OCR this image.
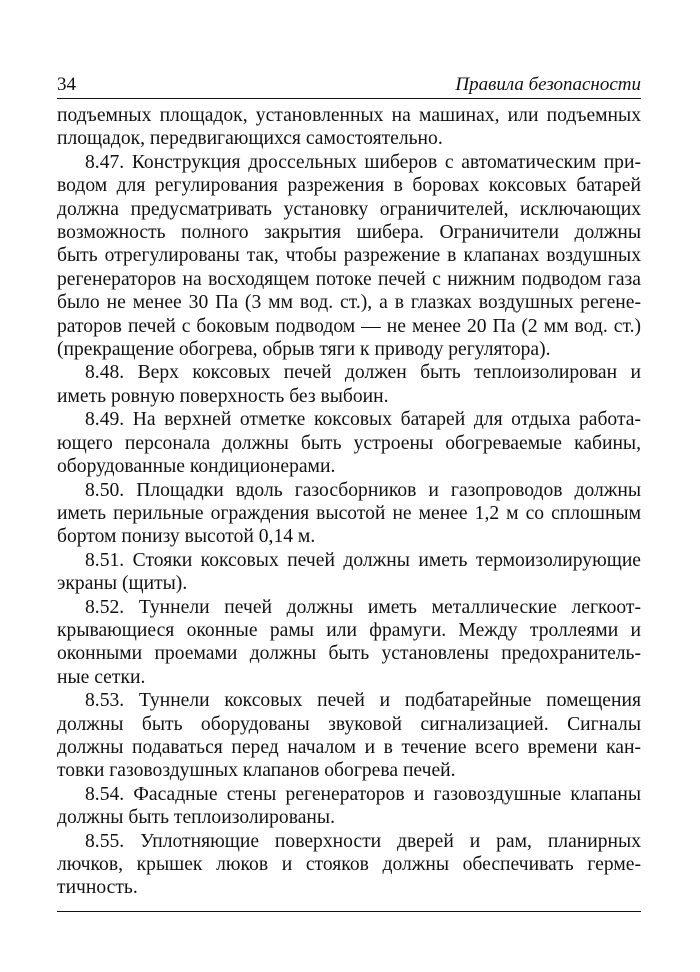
34	Правила безопасности
подъемных площадок, установленных на машинах, или подъемных
площадок, передвигающихся самостоятельно.
8.47. Конструкция дроссельных шиберов с автоматическим при-
водом для регулирования разрежения в боровах коксовых батарей
должна предусматривать установку ограничителей, исключающих
возможность полного закрытия шибера. Ограничители должны
быть отрегулированы так, чтобы разрежение в клапанах воздушных
регенераторов на восходящем потоке печей с нижним подводом газа
было не менее 30 Па (3 мм вод. ст.), а в глазках воздушных регене-
раторов печей с боковым подводом — не менее 20 Па (2 мм вод. ст.)
(прекращение обогрева, обрыв тяги к приводу регулятора).
8.48. Верх коксовых печей должен быть теплоизолирован и
иметь ровную поверхность без выбоин.
8.49. На верхней отметке коксовых батарей для отдыха работа-
ющего персонала должны быть устроены обогреваемые кабины,
оборудованные кондиционерами.
8.50. Площадки вдоль газосборников и газопроводов должны
иметь перильные ограждения высотой не менее 1,2 м со сплошным
бортом понизу высотой 0,14 м.
8.51. Стояки коксовых печей должны иметь термоизолирующие
экраны (щиты).
8.52. Туннели печей должны иметь металлические легкоот-
крывающиеся оконные рамы или фрамуги. Между троллеями и
оконными проемами должны быть установлены предохранитель-
ные сетки.
8.53. Туннели коксовых печей и подбатарейные помещения
должны быть оборудованы звуковой сигнализацией. Сигналы
должны подаваться перед началом и в течение всего времени кан-
товки газовоздушных клапанов обогрева печей.
8.54. Фасадные стены регенераторов и газовоздушные клапаны
должны быть теплоизолированы.
8.55. Уплотняющие поверхности дверей и рам, планирных
лючков, крышек люков и стояков должны обеспечивать герме-
тичность.
